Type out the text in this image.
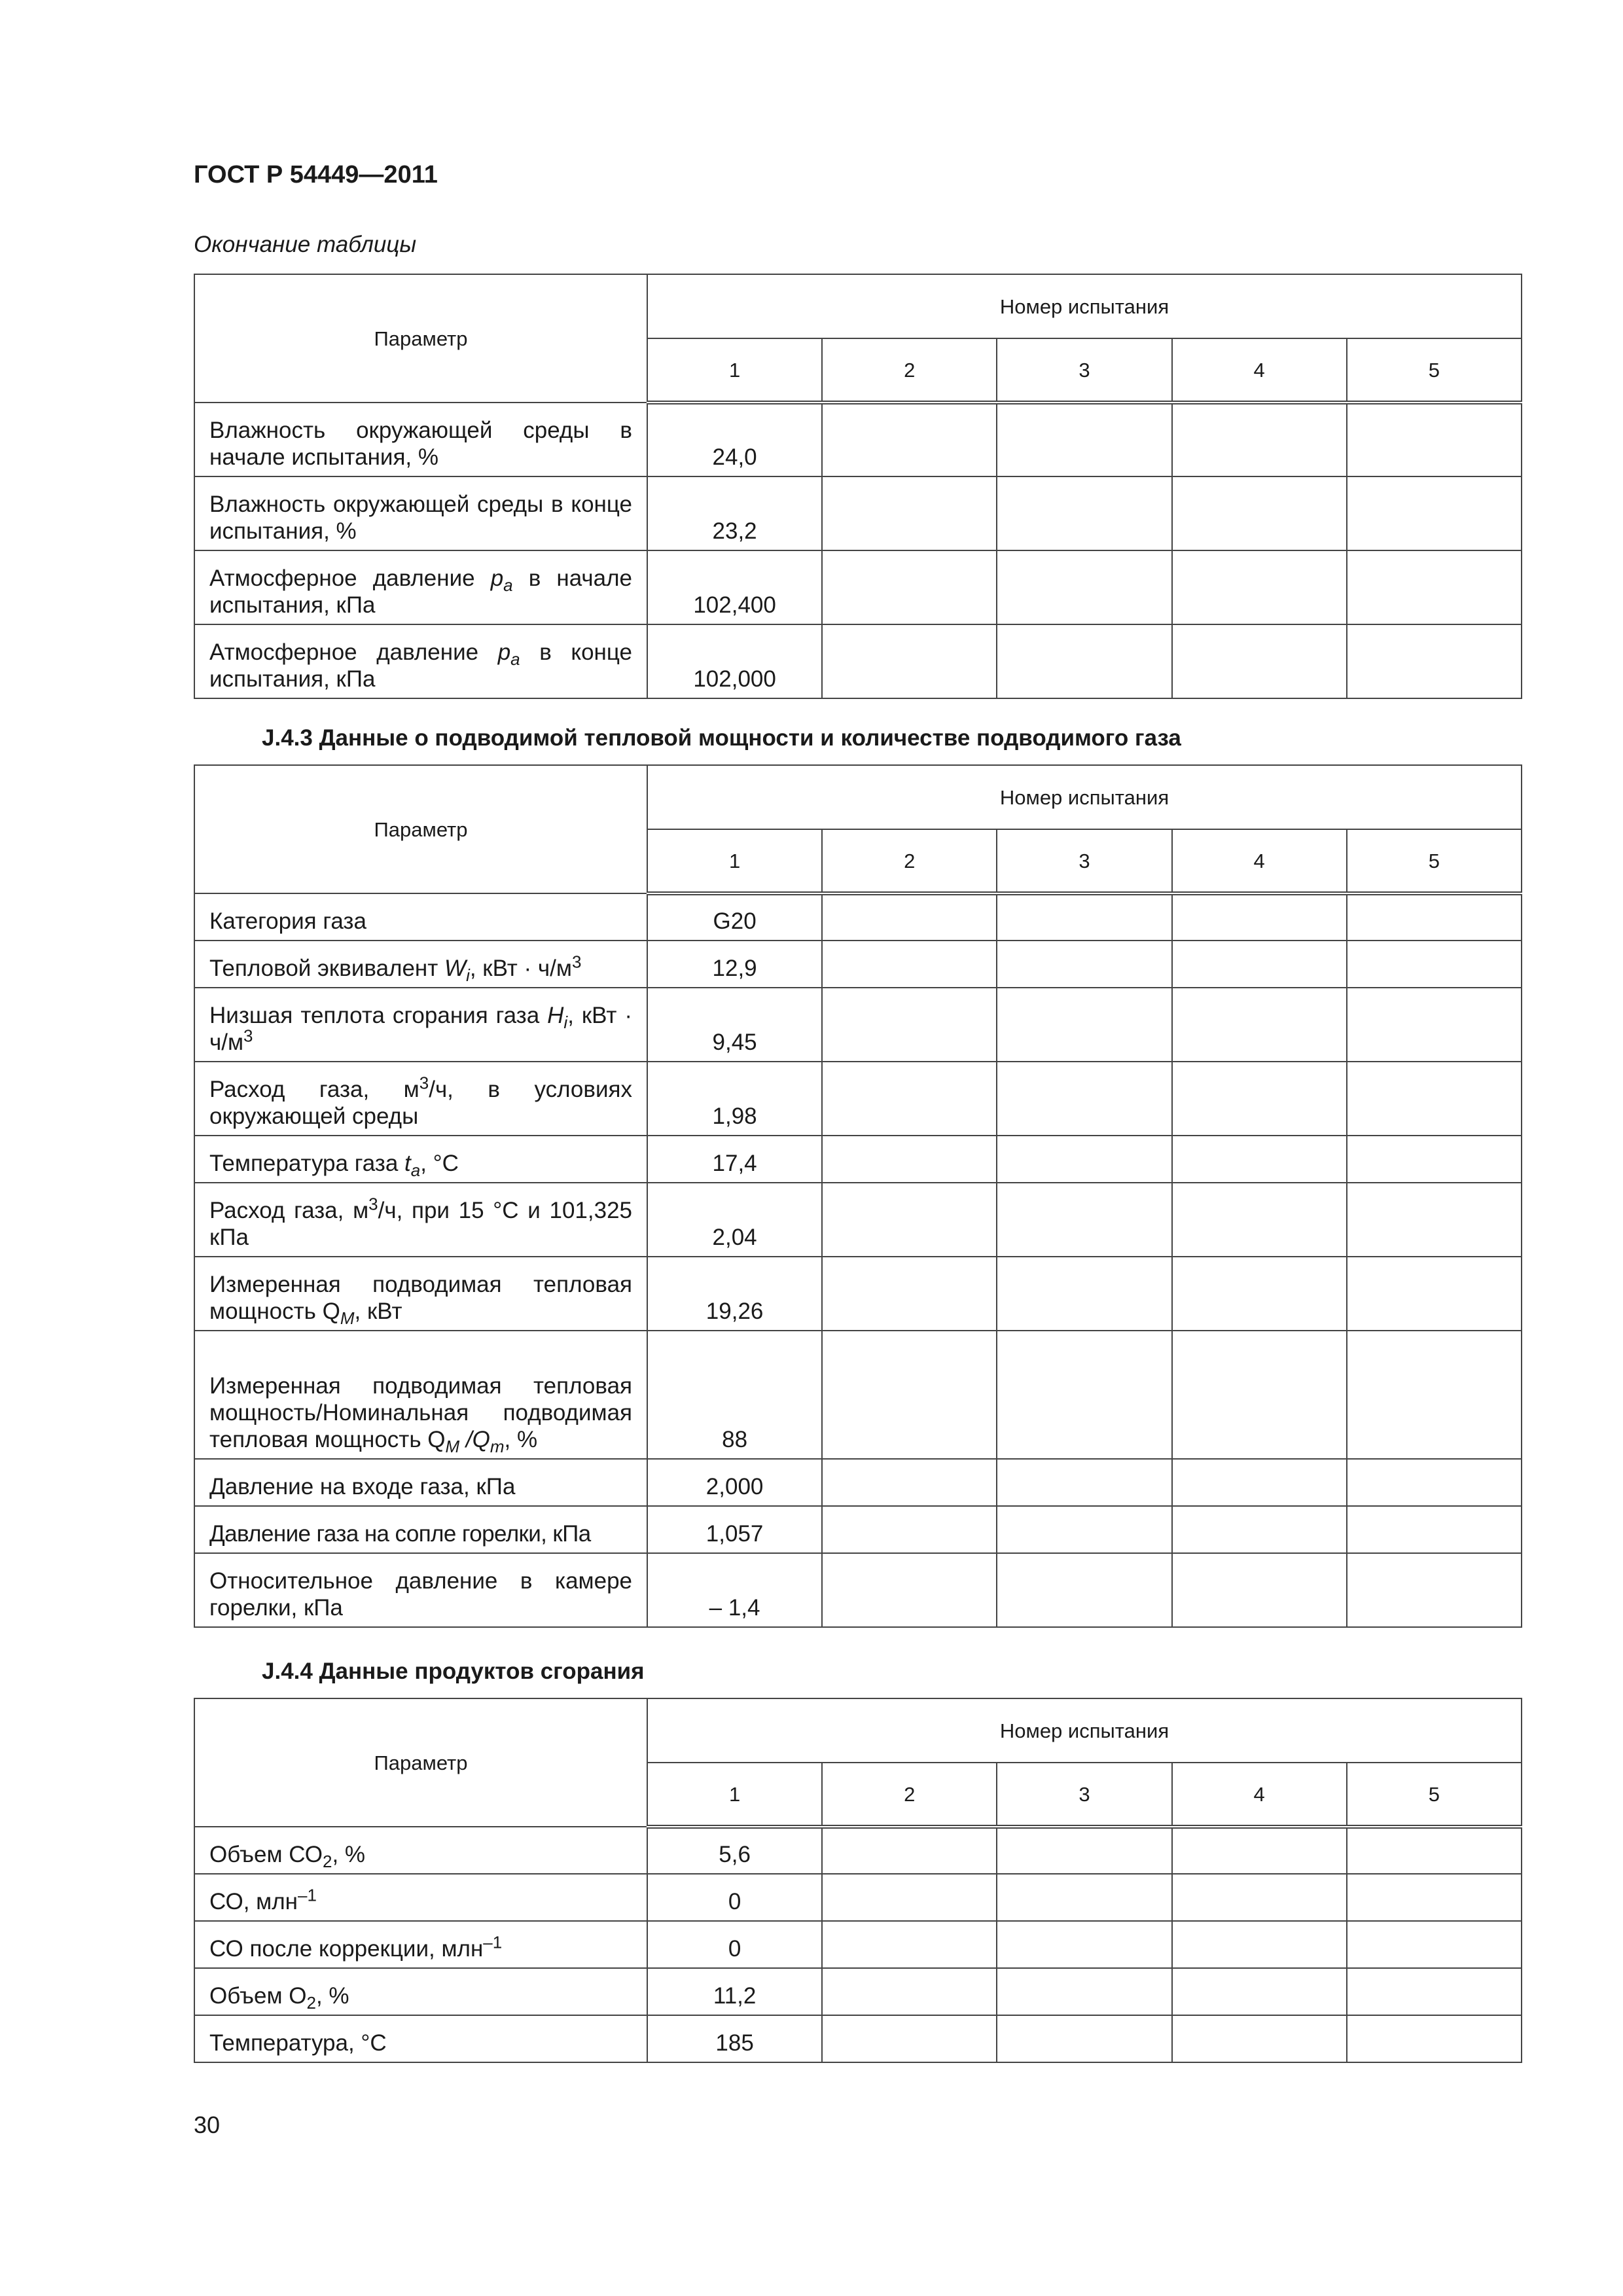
ГОСТ Р 54449—2011
Окончание таблицы
Параметр	Номер испытания				
	1	2	3	4	5
Влажность окружающей среды в начале испытания, %	24,0				
Влажность окружающей среды в конце испытания, %	23,2				
Атмосферное давление $p_a$ в начале испытания, кПа	102,400				
Атмосферное давление $p_a$ в конце испытания, кПа	102,000				
J.4.3 Данные о подводимой тепловой мощности и количестве подводимого газа
Параметр	Номер испытания				
	1	2	3	4	5
Категория газа	G20				
Тепловой эквивалент $W_i$, кВт · $ч/м^3$	12,9				
Низшая теплота сгорания газа $H_i$, кВт · $ч/м^3$	9,45				
Расход газа, $м^3/ч$, в условиях окружающей среды	1,98				
Температура газа $t_a$, °С	17,4				
Расход газа, $м^3/ч$, при 15 °С и 101,325 кПа	2,04				
Измеренная подводимая тепловая мощность $Q_M$, кВт	19,26				
Измеренная подводимая тепловая мощность/Номинальная подводимая тепловая мощность $Q_M$ $/Q_m$, %	88				
Давление на входе газа, кПа	2,000				
Давление газа на сопле горелки, кПа	1,057				
Относительное давление в камере горелки, кПа	– 1,4				
J.4.4 Данные продуктов сгорания
Параметр	Номер испытания				
	1	2	3	4	5
Объем $СО_2$, %	5,6				
СО, млн$^{-1}$	0				
СО после коррекции, млн$^{-1}$	0				
Объем $О_2$, %	11,2				
Температура, °С	185				
30
